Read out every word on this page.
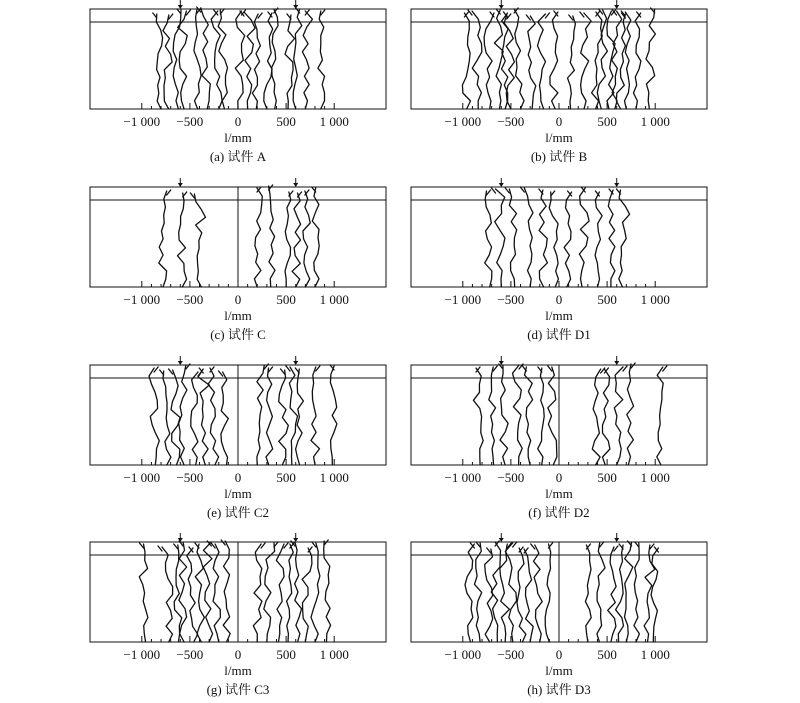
−1 000 −500 0	500 1 000
l/mm
(a) 试件 A
−1 000 −500 0	500 1 000
l/mm
(b) 试件 B
−1 000 −500 0	500 1 000
l/mm
(c) 试件 C
−1 000 −500 0	500 1 000
l/mm
(d) 试件 D1
−1 000 −500 0	500 1 000
l/mm
(e) 试件 C2
−1 000 −500 0	500 1 000
l/mm
(f) 试件 D2
−1 000 −500 0	500 1 000
l/mm
(g) 试件 C3
−1 000 −500 0	500 1 000
l/mm
(h) 试件 D3
